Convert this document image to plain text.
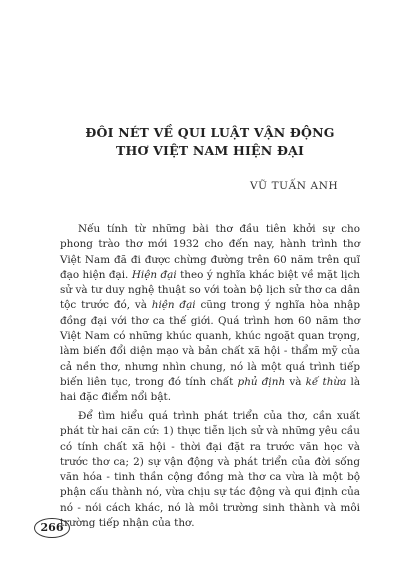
ĐÔI NÉT VỀ QUI LUẬT VẬN ĐỘNG
THƠ VIỆT NAM HIỆN ĐẠI
VŨ TUẤN ANH

Nếu tính từ những bài thơ đầu tiên khởi sự cho phong trào thơ mới 1932 cho đến nay, hành trình thơ Việt Nam đã đi được chừng đường trên 60 năm trên quĩ đạo hiện đại. Hiện đại theo ý nghĩa khác biệt về mặt lịch sử và tư duy nghệ thuật so với toàn bộ lịch sử thơ ca dân tộc trước đó, và hiện đại cũng trong ý nghĩa hòa nhập đồng đại với thơ ca thế giới. Quá trình hơn 60 năm thơ Việt Nam có những khúc quanh, khúc ngoặt quan trọng, làm biến đổi diện mạo và bản chất xã hội - thẩm mỹ của cả nền thơ, nhưng nhìn chung, nó là một quá trình tiếp biến liên tục, trong đó tính chất phủ định và kế thừa là hai đặc điểm nổi bật.

Để tìm hiểu quá trình phát triển của thơ, cần xuất phát từ hai căn cứ: 1) thực tiễn lịch sử và những yêu cầu có tính chất xã hội - thời đại đặt ra trước văn học và trước thơ ca; 2) sự vận động và phát triển của đời sống văn hóa - tinh thần cộng đồng mà thơ ca vừa là một bộ phận cấu thành nó, vừa chịu sự tác động và qui định của nó - nói cách khác, nó là môi trường sinh thành và môi trường tiếp nhận của thơ.

266
